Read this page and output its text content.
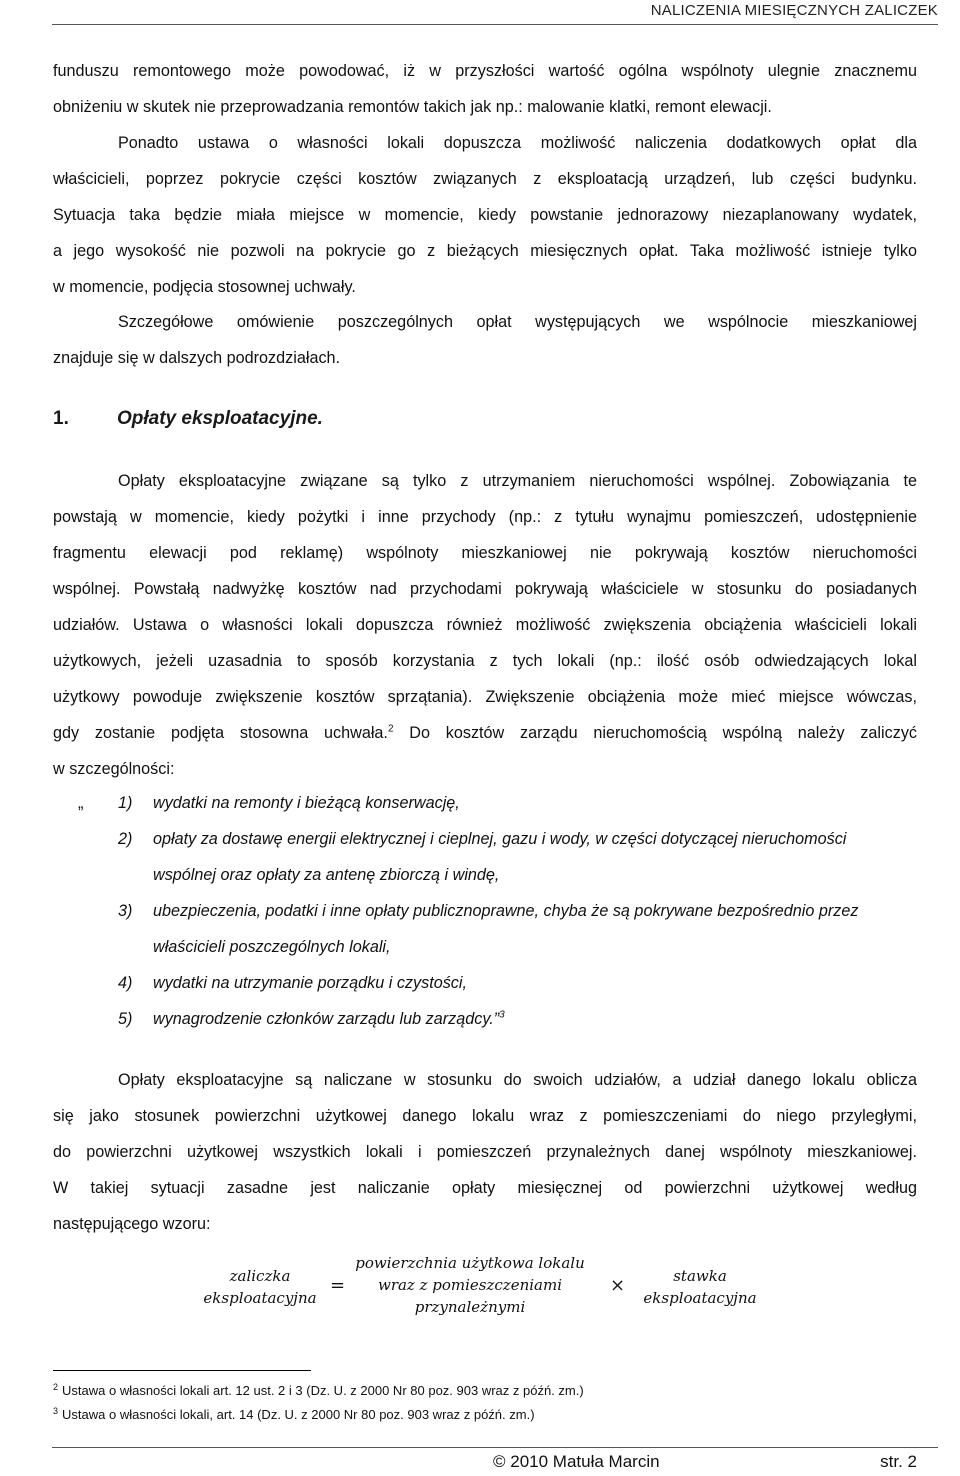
NALICZENIA MIESIĘCZNYCH ZALICZEK
funduszu remontowego może powodować, iż w przyszłości wartość ogólna wspólnoty ulegnie znacznemu
obniżeniu w skutek nie przeprowadzania remontów takich jak np.: malowanie klatki, remont elewacji.
Ponadto ustawa o własności lokali dopuszcza możliwość naliczenia dodatkowych opłat dla
właścicieli, poprzez pokrycie części kosztów związanych z eksploatacją urządzeń, lub części budynku.
Sytuacja taka będzie miała miejsce w momencie, kiedy powstanie jednorazowy niezaplanowany wydatek,
a jego wysokość nie pozwoli na pokrycie go z bieżących miesięcznych opłat. Taka możliwość istnieje tylko
w momencie, podjęcia stosownej uchwały.
Szczegółowe omówienie poszczególnych opłat występujących we wspólnocie mieszkaniowej
znajduje się w dalszych podrozdziałach.
1.	Opłaty eksploatacyjne.
Opłaty eksploatacyjne związane są tylko z utrzymaniem nieruchomości wspólnej. Zobowiązania te
powstają w momencie, kiedy pożytki i inne przychody (np.: z tytułu wynajmu pomieszczeń, udostępnienie
fragmentu elewacji pod reklamę) wspólnoty mieszkaniowej nie pokrywają kosztów nieruchomości
wspólnej. Powstałą nadwyżkę kosztów nad przychodami pokrywają właściciele w stosunku do posiadanych
udziałów. Ustawa o własności lokali dopuszcza również możliwość zwiększenia obciążenia właścicieli lokali
użytkowych, jeżeli uzasadnia to sposób korzystania z tych lokali (np.: ilość osób odwiedzających lokal
użytkowy powoduje zwiększenie kosztów sprzątania). Zwiększenie obciążenia może mieć miejsce wówczas,
gdy zostanie podjęta stosowna uchwała.$^2$ Do kosztów zarządu nieruchomością wspólną należy zaliczyć
w szczególności:
„	1)	wydatki na remonty i bieżącą konserwację,
2)	opłaty za dostawę energii elektrycznej i cieplnej, gazu i wody, w części dotyczącej nieruchomości
wspólnej oraz opłaty za antenę zbiorczą i windę,
3)	ubezpieczenia, podatki i inne opłaty publicznoprawne, chyba że są pokrywane bezpośrednio przez
właścicieli poszczególnych lokali,
4)	wydatki na utrzymanie porządku i czystości,
5)	wynagrodzenie członków zarządu lub zarządcy.”$^3$
Opłaty eksploatacyjne są naliczane w stosunku do swoich udziałów, a udział danego lokalu oblicza
się jako stosunek powierzchni użytkowej danego lokalu wraz z pomieszczeniami do niego przyległymi,
do powierzchni użytkowej wszystkich lokali i pomieszczeń przynależnych danej wspólnoty mieszkaniowej.
W takiej sytuacji zasadne jest naliczanie opłaty miesięcznej od powierzchni użytkowej według
następującego wzoru:
zaliczka
eksploatacyjna
=
powierzchnia użytkowa lokalu
wraz z pomieszczeniami
przynależnymi
×	stawka
eksploatacyjna
$^2$ Ustawa o własności lokali art. 12 ust. 2 i 3 (Dz. U. z 2000 Nr 80 poz. 903 wraz z późń. zm.)
$^3$ Ustawa o własności lokali, art. 14 (Dz. U. z 2000 Nr 80 poz. 903 wraz z późń. zm.)
© 2010 Matuła Marcin	str. 2
